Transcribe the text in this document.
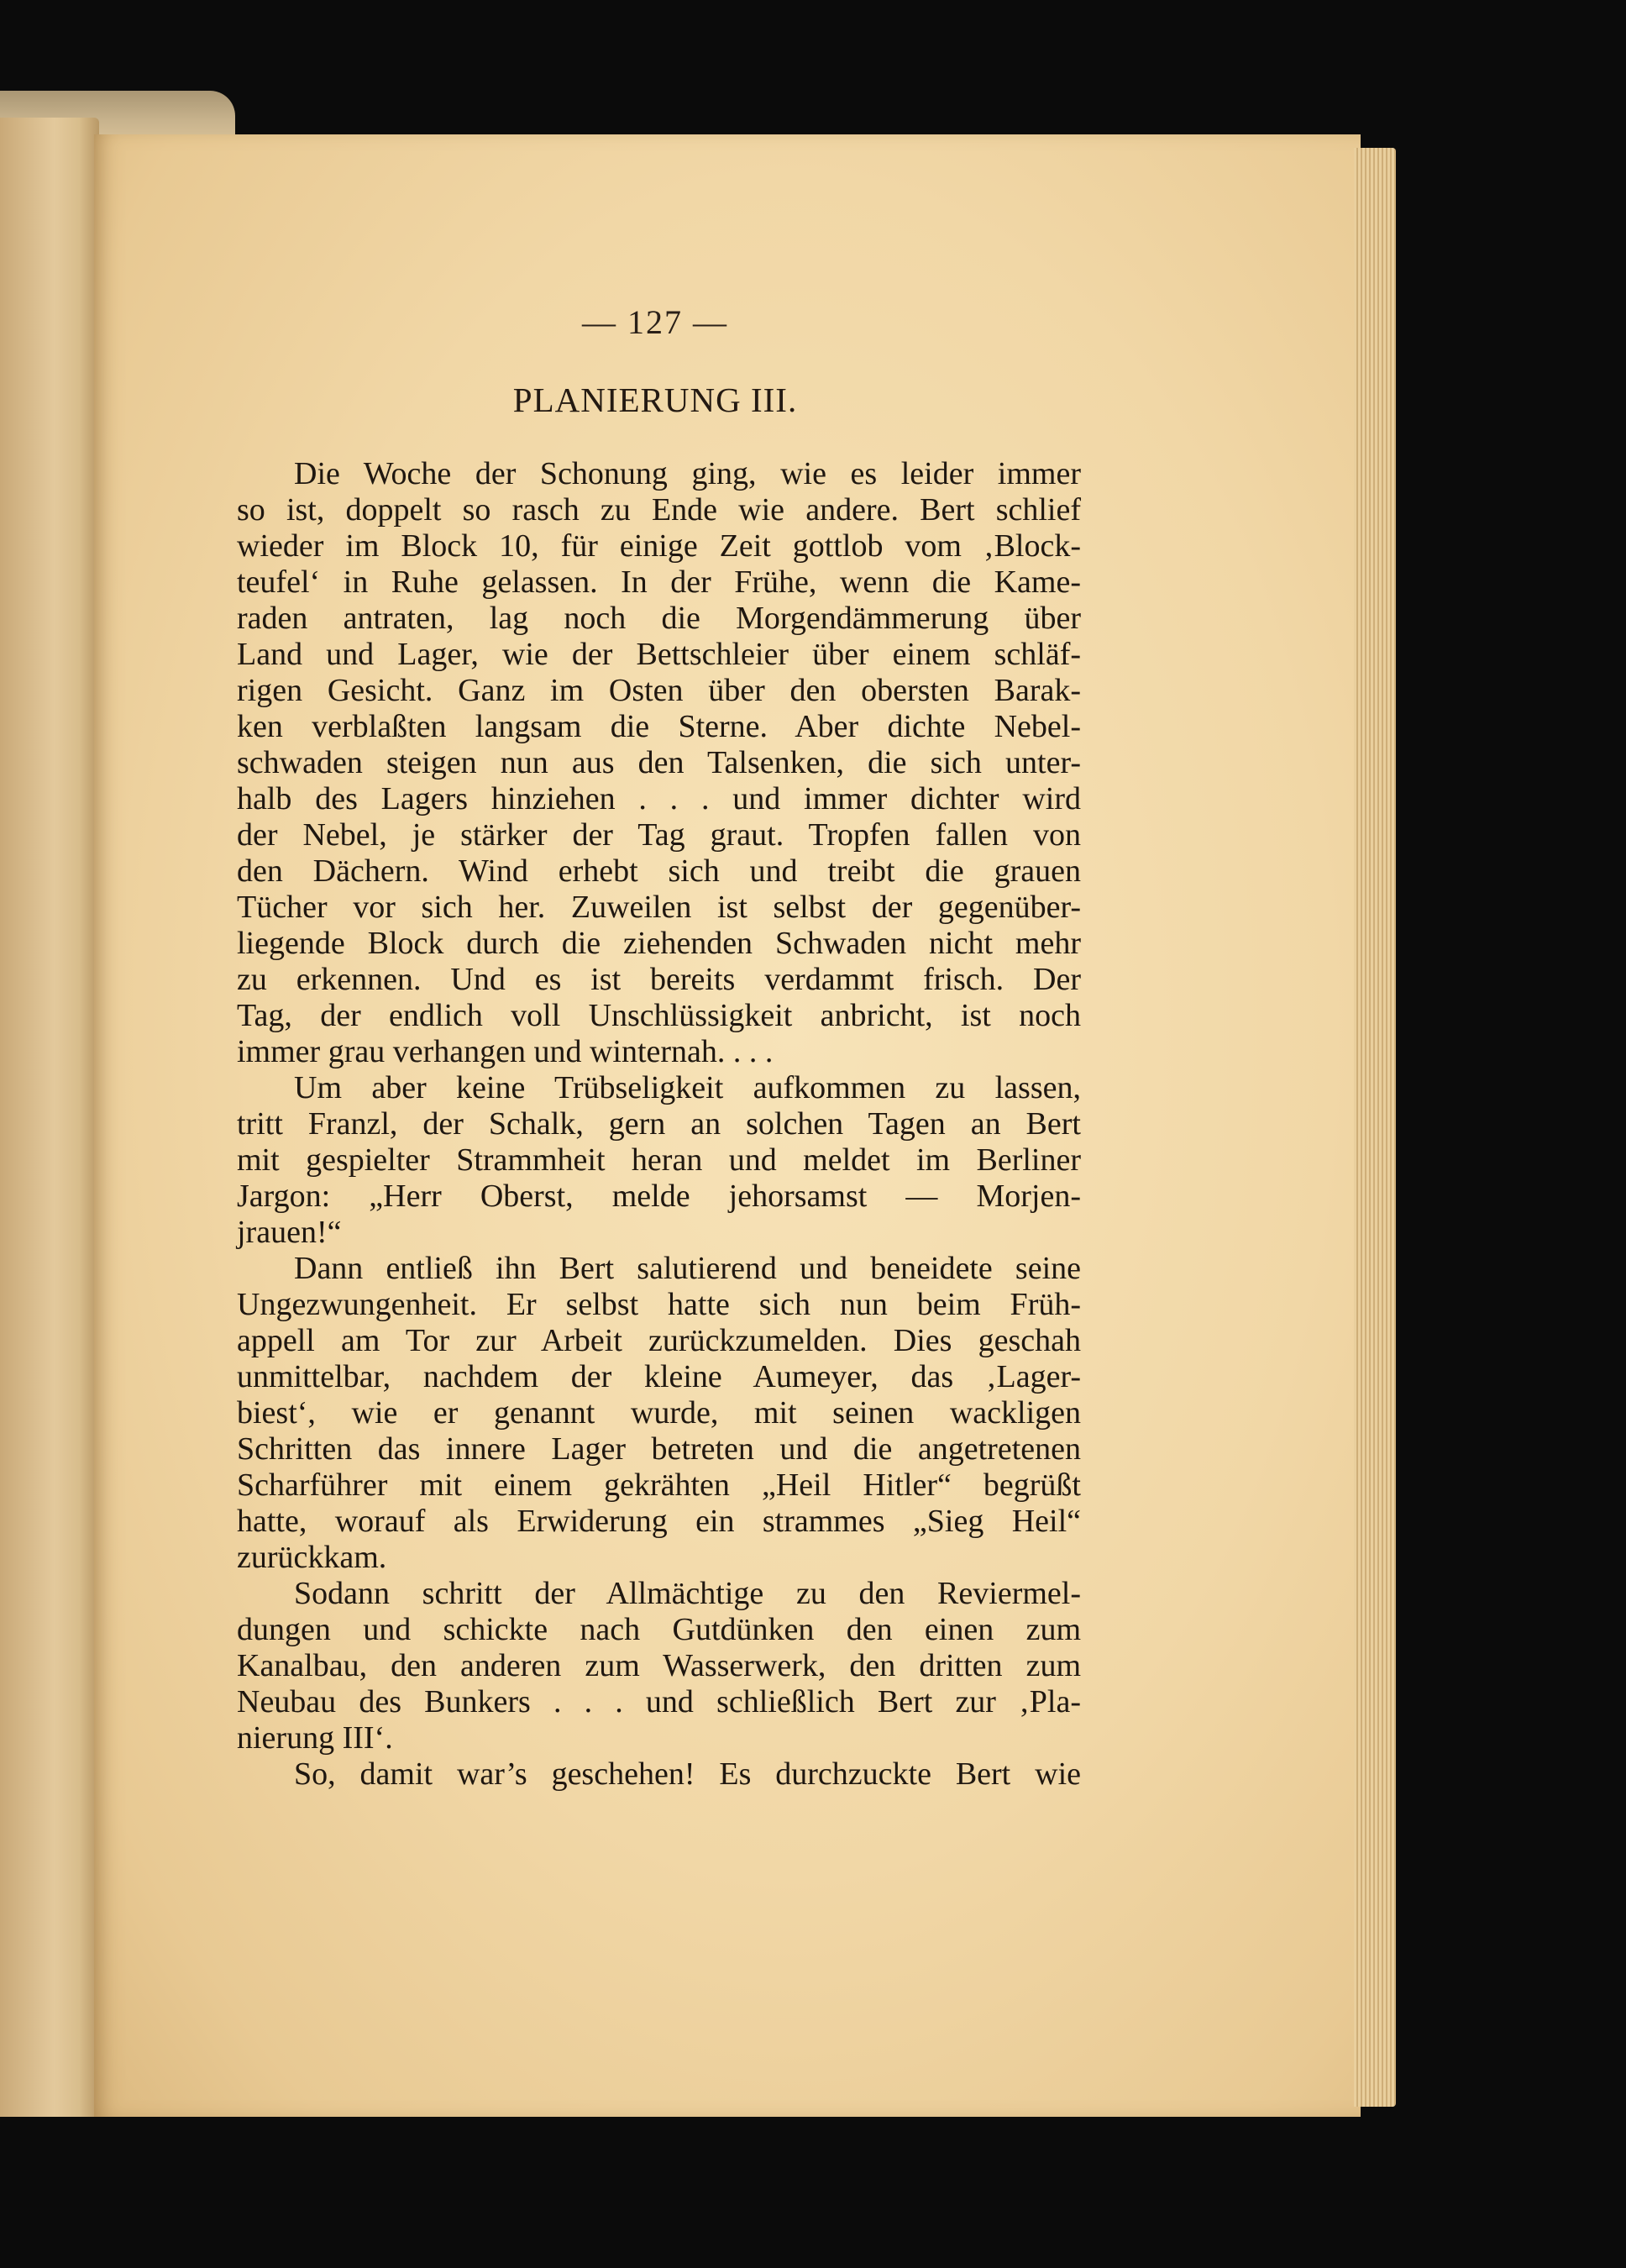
— 127 —
PLANIERUNG III.
Die Woche der Schonung ging, wie es leider immer
so ist, doppelt so rasch zu Ende wie andere. Bert schlief
wieder im Block 10, für einige Zeit gottlob vom ‚Block-
teufel‘ in Ruhe gelassen. In der Frühe, wenn die Kame-
raden antraten, lag noch die Morgendämmerung über
Land und Lager, wie der Bettschleier über einem schläf-
rigen Gesicht. Ganz im Osten über den obersten Barak-
ken verblaßten langsam die Sterne. Aber dichte Nebel-
schwaden steigen nun aus den Talsenken, die sich unter-
halb des Lagers hinziehen . . . und immer dichter wird
der Nebel, je stärker der Tag graut. Tropfen fallen von
den Dächern. Wind erhebt sich und treibt die grauen
Tücher vor sich her. Zuweilen ist selbst der gegenüber-
liegende Block durch die ziehenden Schwaden nicht mehr
zu erkennen. Und es ist bereits verdammt frisch. Der
Tag, der endlich voll Unschlüssigkeit anbricht, ist noch
immer grau verhangen und winternah. . . .
Um aber keine Trübseligkeit aufkommen zu lassen,
tritt Franzl, der Schalk, gern an solchen Tagen an Bert
mit gespielter Strammheit heran und meldet im Berliner
Jargon: „Herr Oberst, melde jehorsamst — Morjen-
jrauen!“
Dann entließ ihn Bert salutierend und beneidete seine
Ungezwungenheit. Er selbst hatte sich nun beim Früh-
appell am Tor zur Arbeit zurückzumelden. Dies geschah
unmittelbar, nachdem der kleine Aumeyer, das ‚Lager-
biest‘, wie er genannt wurde, mit seinen wackligen
Schritten das innere Lager betreten und die angetretenen
Scharführer mit einem gekrähten „Heil Hitler“ begrüßt
hatte, worauf als Erwiderung ein strammes „Sieg Heil“
zurückkam.
Sodann schritt der Allmächtige zu den Reviermel-
dungen und schickte nach Gutdünken den einen zum
Kanalbau, den anderen zum Wasserwerk, den dritten zum
Neubau des Bunkers . . . und schließlich Bert zur ‚Pla-
nierung III‘.
So, damit war’s geschehen! Es durchzuckte Bert wie
